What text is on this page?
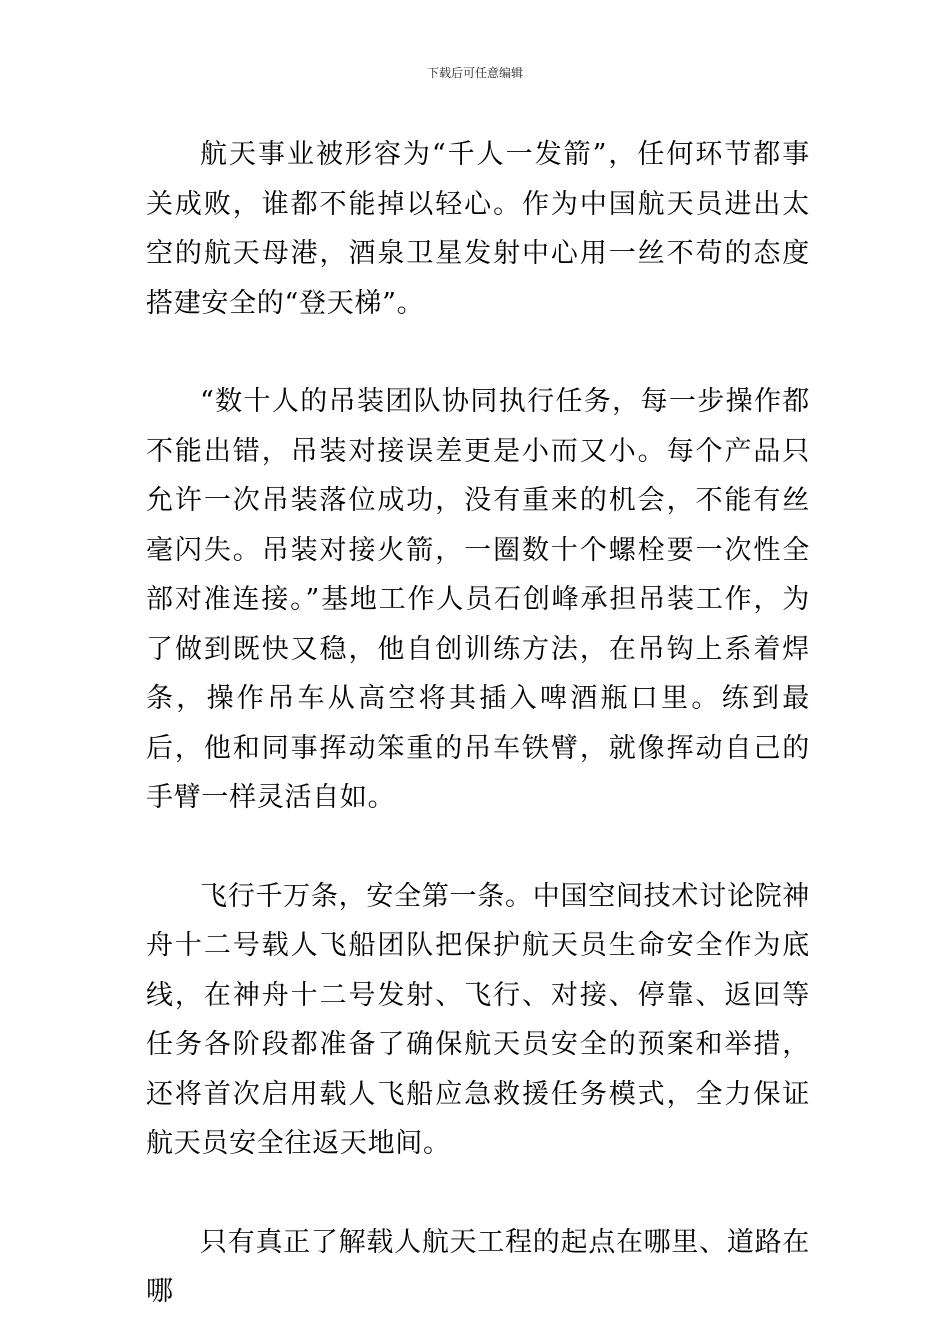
下载后可任意编辑

航天事业被形容为“千人一发箭”，任何环节都事关成败，谁都不能掉以轻心。作为中国航天员进出太空的航天母港，酒泉卫星发射中心用一丝不苟的态度搭建安全的“登天梯”。

“数十人的吊装团队协同执行任务，每一步操作都不能出错，吊装对接误差更是小而又小。每个产品只允许一次吊装落位成功，没有重来的机会，不能有丝毫闪失。吊装对接火箭，一圈数十个螺栓要一次性全部对准连接。”基地工作人员石创峰承担吊装工作，为了做到既快又稳，他自创训练方法，在吊钩上系着焊条，操作吊车从高空将其插入啤酒瓶口里。练到最后，他和同事挥动笨重的吊车铁臂，就像挥动自己的手臂一样灵活自如。

飞行千万条，安全第一条。中国空间技术讨论院神舟十二号载人飞船团队把保护航天员生命安全作为底线，在神舟十二号发射、飞行、对接、停靠、返回等任务各阶段都准备了确保航天员安全的预案和举措，还将首次启用载人飞船应急救援任务模式，全力保证航天员安全往返天地间。

只有真正了解载人航天工程的起点在哪里、道路在哪
